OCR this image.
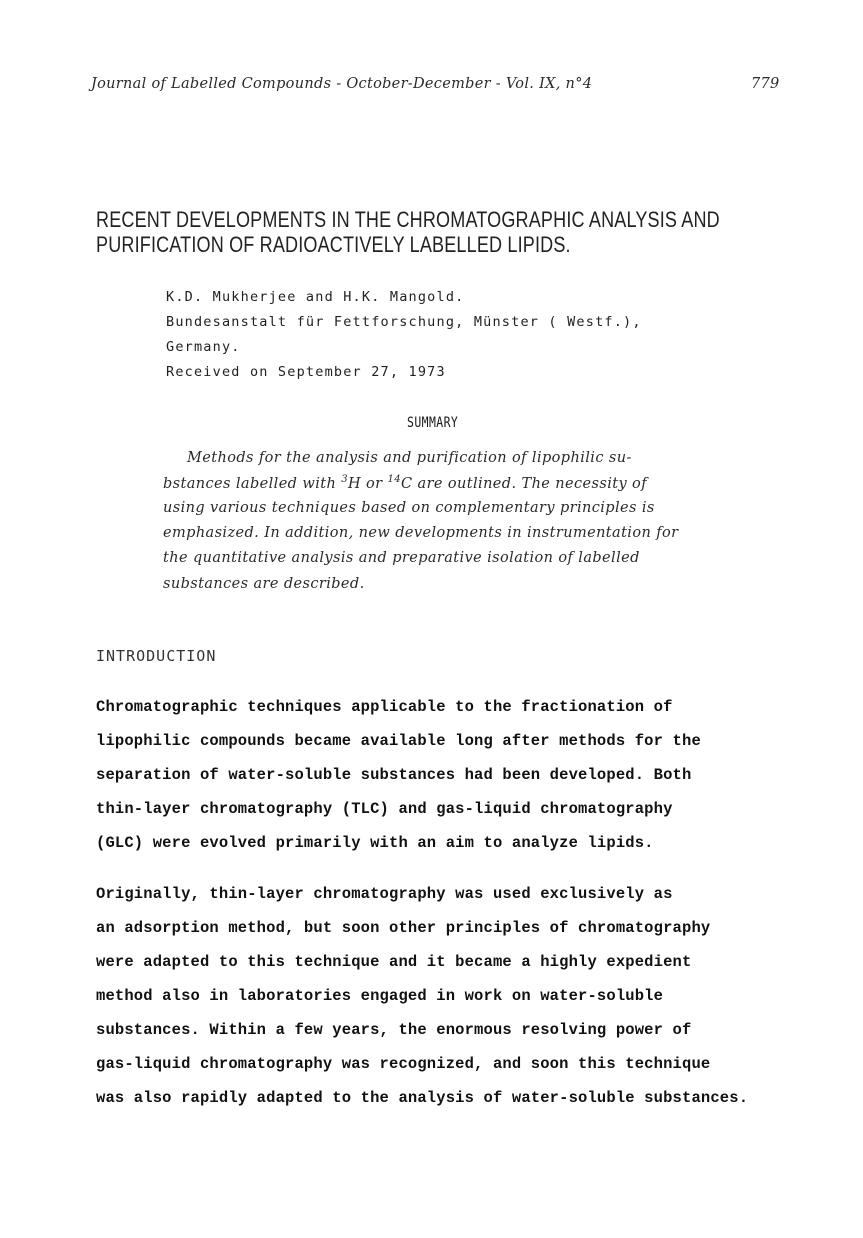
Journal of Labelled Compounds - October-December - Vol. IX, n°4	779
RECENT DEVELOPMENTS IN THE CHROMATOGRAPHIC ANALYSIS AND
PURIFICATION OF RADIOACTIVELY LABELLED LIPIDS.
K.D. Mukherjee and H.K. Mangold.
Bundesanstalt für Fettforschung, Münster ( Westf.),
Germany.
Received on September 27, 1973
SUMMARY
Methods for the analysis and purification of lipophilic su-
bstances labelled with $^3$H or $^{14}$C are outlined. The necessity of
using various techniques based on complementary principles is
emphasized. In addition, new developments in instrumentation for
the quantitative analysis and preparative isolation of labelled
substances are described.
INTRODUCTION
Chromatographic techniques applicable to the fractionation of
lipophilic compounds became available long after methods for the
separation of water-soluble substances had been developed. Both
thin-layer chromatography (TLC) and gas-liquid chromatography
(GLC) were evolved primarily with an aim to analyze lipids.
Originally, thin-layer chromatography was used exclusively as
an adsorption method, but soon other principles of chromatography
were adapted to this technique and it became a highly expedient
method also in laboratories engaged in work on water-soluble
substances. Within a few years, the enormous resolving power of
gas-liquid chromatography was recognized, and soon this technique
was also rapidly adapted to the analysis of water-soluble substances.
